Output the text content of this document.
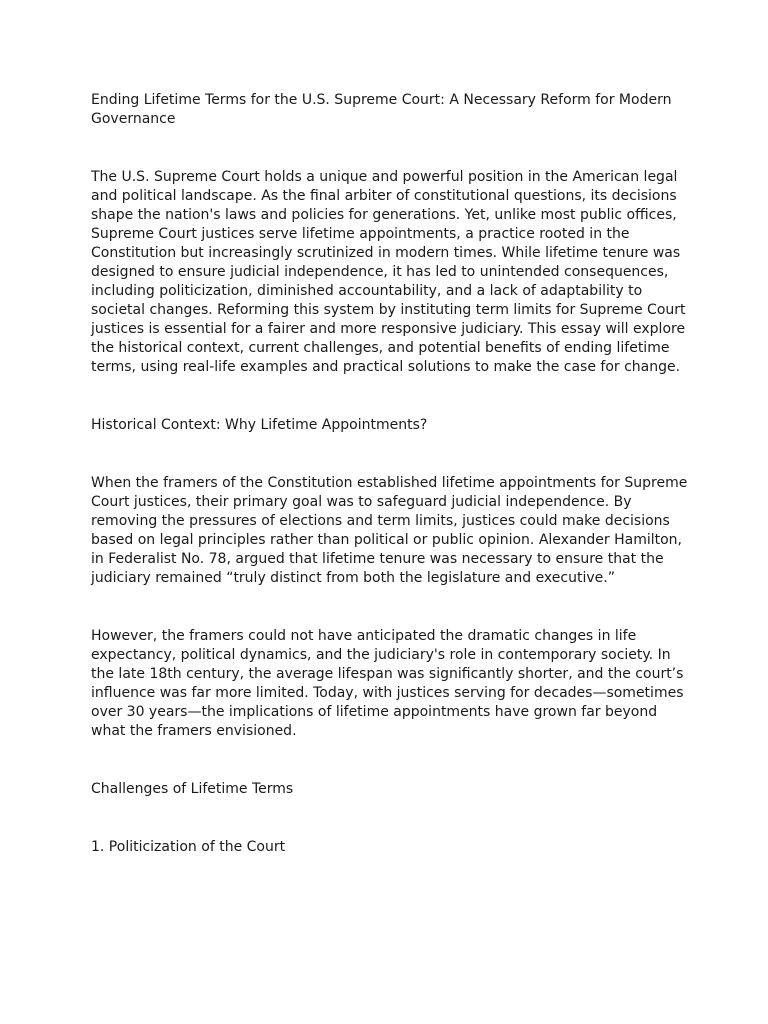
Ending Lifetime Terms for the U.S. Supreme Court: A Necessary Reform for Modern Governance

The U.S. Supreme Court holds a unique and powerful position in the American legal and political landscape. As the final arbiter of constitutional questions, its decisions shape the nation's laws and policies for generations. Yet, unlike most public offices, Supreme Court justices serve lifetime appointments, a practice rooted in the Constitution but increasingly scrutinized in modern times. While lifetime tenure was designed to ensure judicial independence, it has led to unintended consequences, including politicization, diminished accountability, and a lack of adaptability to societal changes. Reforming this system by instituting term limits for Supreme Court justices is essential for a fairer and more responsive judiciary. This essay will explore the historical context, current challenges, and potential benefits of ending lifetime terms, using real-life examples and practical solutions to make the case for change.

Historical Context: Why Lifetime Appointments?

When the framers of the Constitution established lifetime appointments for Supreme Court justices, their primary goal was to safeguard judicial independence. By removing the pressures of elections and term limits, justices could make decisions based on legal principles rather than political or public opinion. Alexander Hamilton, in Federalist No. 78, argued that lifetime tenure was necessary to ensure that the judiciary remained “truly distinct from both the legislature and executive.”

However, the framers could not have anticipated the dramatic changes in life expectancy, political dynamics, and the judiciary's role in contemporary society. In the late 18th century, the average lifespan was significantly shorter, and the court’s influence was far more limited. Today, with justices serving for decades—sometimes over 30 years—the implications of lifetime appointments have grown far beyond what the framers envisioned.

Challenges of Lifetime Terms

1. Politicization of the Court
